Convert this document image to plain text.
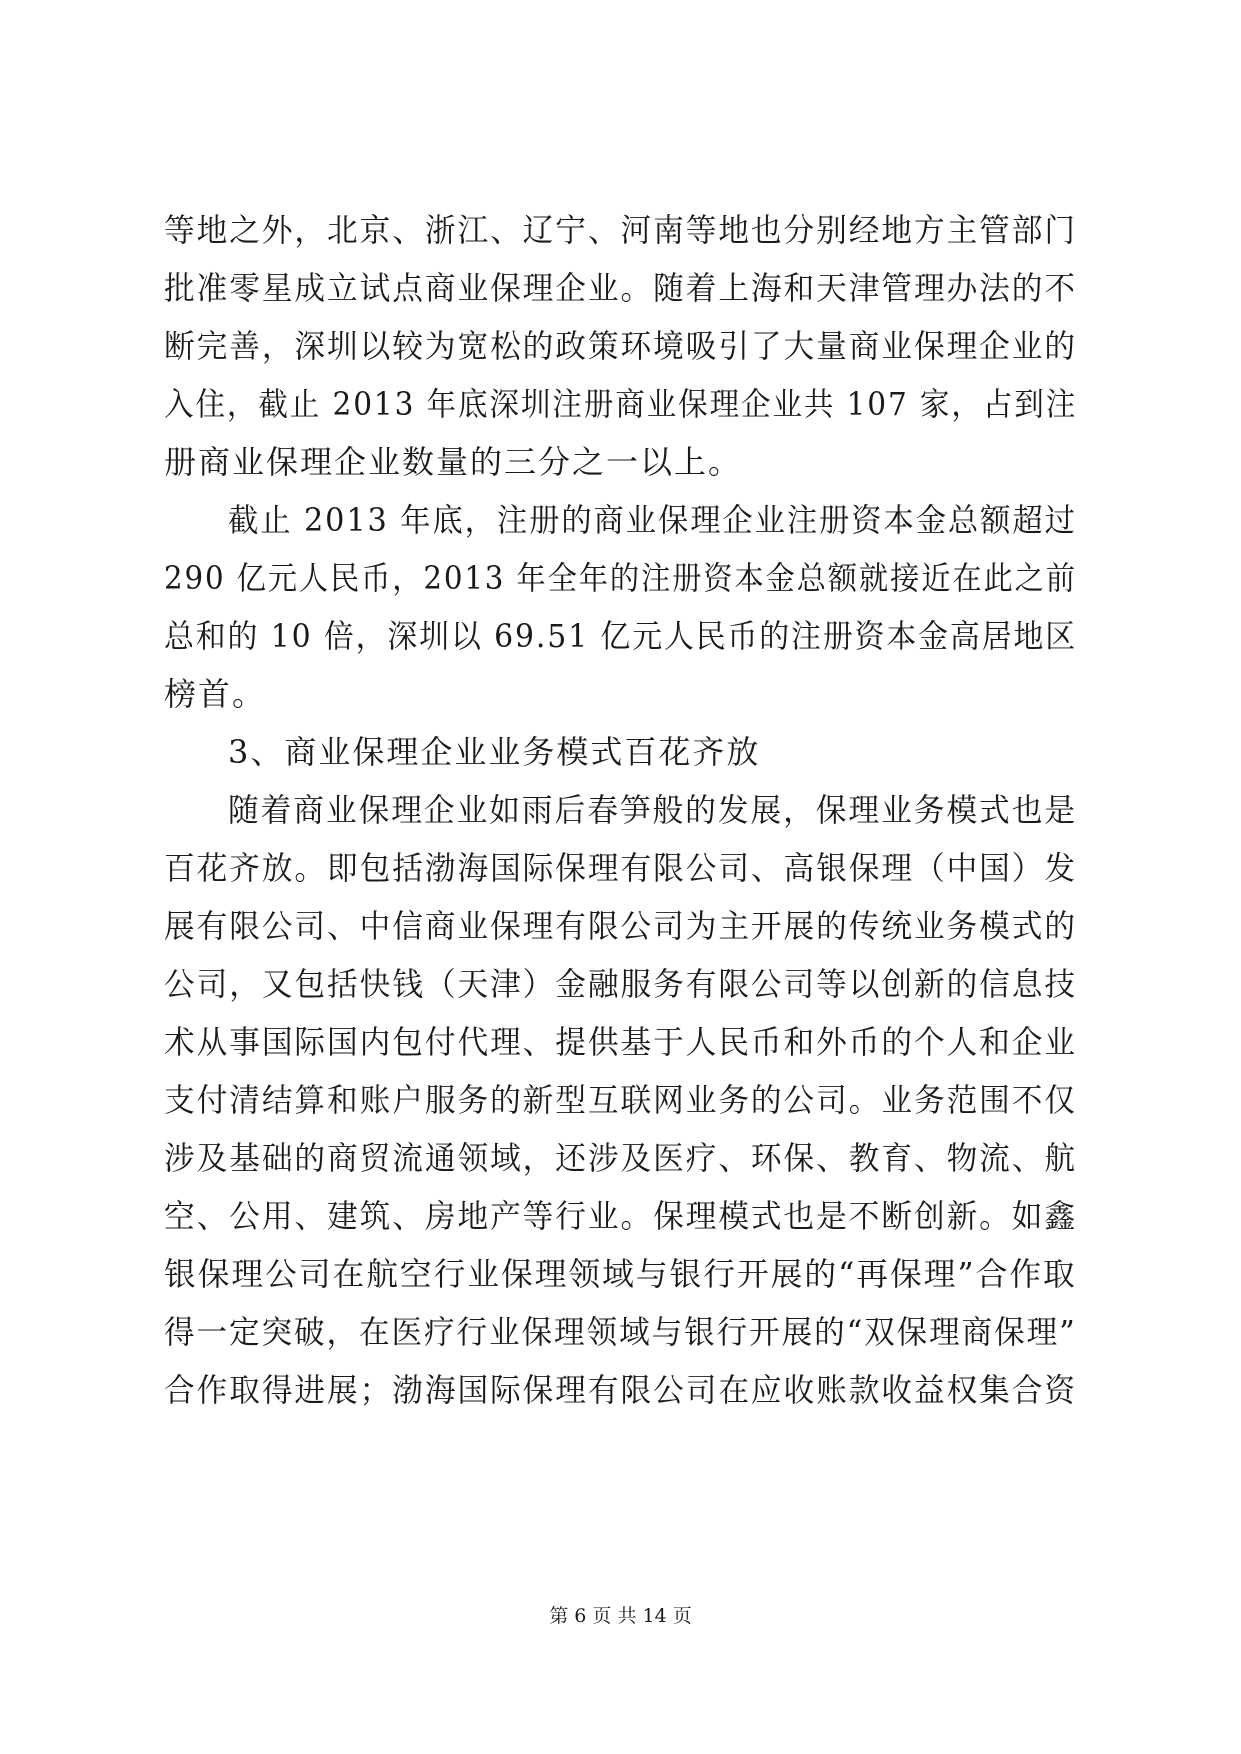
等地之外，北京、浙江、辽宁、河南等地也分别经地方主管部门
批准零星成立试点商业保理企业。随着上海和天津管理办法的不
断完善，深圳以较为宽松的政策环境吸引了大量商业保理企业的
入住，截止 2013 年底深圳注册商业保理企业共 107 家，占到注
册商业保理企业数量的三分之一以上。
截止 2013 年底，注册的商业保理企业注册资本金总额超过
290 亿元人民币，2013 年全年的注册资本金总额就接近在此之前
总和的 10 倍，深圳以 69.51 亿元人民币的注册资本金高居地区
榜首。
3、商业保理企业业务模式百花齐放
随着商业保理企业如雨后春笋般的发展，保理业务模式也是
百花齐放。即包括渤海国际保理有限公司、高银保理（中国）发
展有限公司、中信商业保理有限公司为主开展的传统业务模式的
公司，又包括快钱（天津）金融服务有限公司等以创新的信息技
术从事国际国内包付代理、提供基于人民币和外币的个人和企业
支付清结算和账户服务的新型互联网业务的公司。业务范围不仅
涉及基础的商贸流通领域，还涉及医疗、环保、教育、物流、航
空、公用、建筑、房地产等行业。保理模式也是不断创新。如鑫
银保理公司在航空行业保理领域与银行开展的“再保理”合作取
得一定突破，在医疗行业保理领域与银行开展的“双保理商保理”
合作取得进展；渤海国际保理有限公司在应收账款收益权集合资
第 6 页 共 14 页
